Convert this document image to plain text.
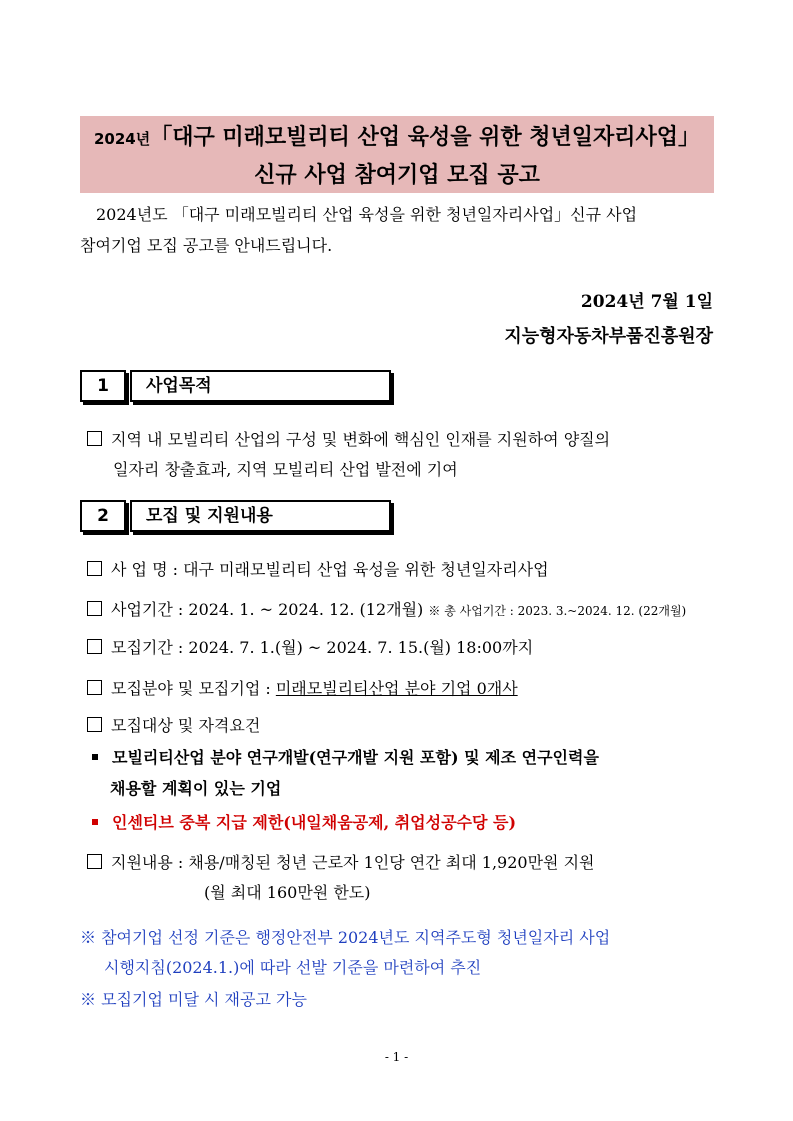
2024년「대구 미래모빌리티 산업 육성을 위한 청년일자리사업」
신규 사업 참여기업 모집 공고
2024년도 「대구 미래모빌리티 산업 육성을 위한 청년일자리사업」신규 사업
참여기업 모집 공고를 안내드립니다.
2024년 7월 1일
지능형자동차부품진흥원장
1	사업목적
지역 내 모빌리티 산업의 구성 및 변화에 핵심인 인재를 지원하여 양질의
일자리 창출효과, 지역 모빌리티 산업 발전에 기여
2	모집 및 지원내용
사 업 명 : 대구 미래모빌리티 산업 육성을 위한 청년일자리사업
사업기간 : 2024. 1. ~ 2024. 12. (12개월) ※ 총 사업기간 : 2023. 3.~2024. 12. (22개월)
모집기간 : 2024. 7. 1.(월) ~ 2024. 7. 15.(월) 18:00까지
모집분야 및 모집기업 : 미래모빌리티산업 분야 기업 0개사
모집대상 및 자격요건
모빌리티산업 분야 연구개발(연구개발 지원 포함) 및 제조 연구인력을
채용할 계획이 있는 기업
인센티브 중복 지급 제한(내일채움공제, 취업성공수당 등)
지원내용 : 채용/매칭된 청년 근로자 1인당 연간 최대 1,920만원 지원
(월 최대 160만원 한도)
※ 참여기업 선정 기준은 행정안전부 2024년도 지역주도형 청년일자리 사업
시행지침(2024.1.)에 따라 선발 기준을 마련하여 추진
※ 모집기업 미달 시 재공고 가능
- 1 -
